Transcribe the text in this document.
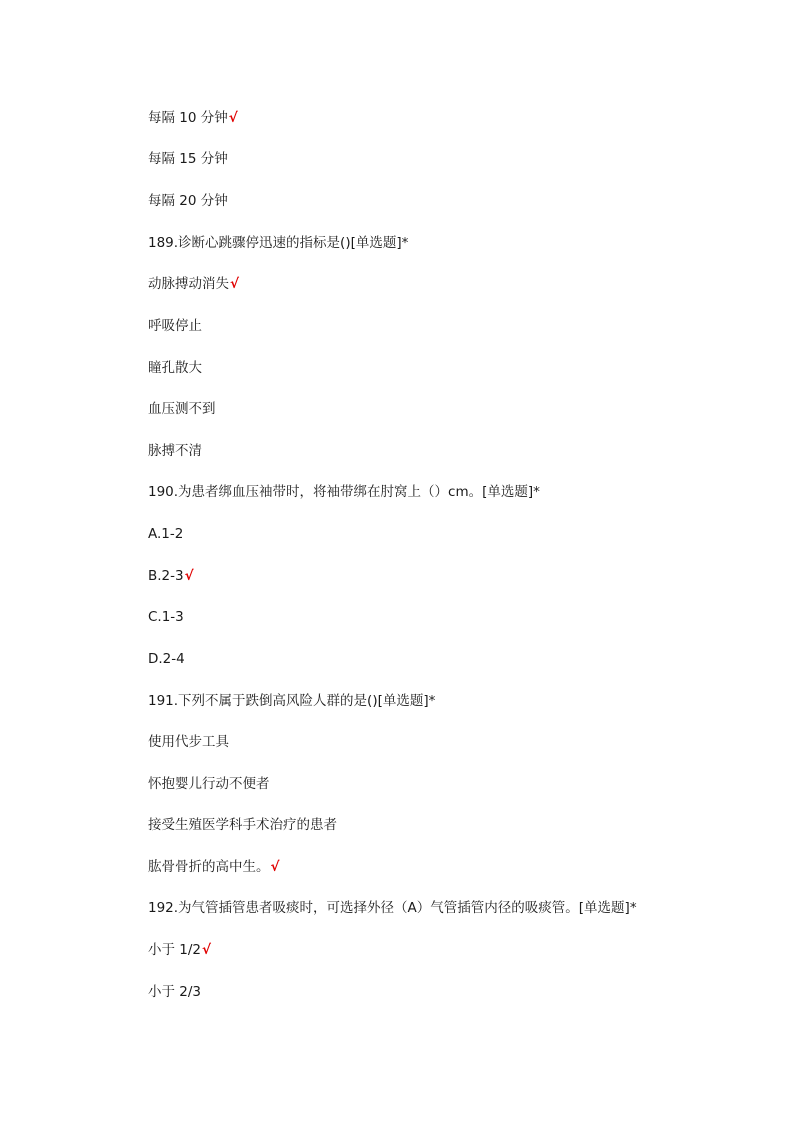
每隔 10 分钟√
每隔 15 分钟
每隔 20 分钟
189.诊断心跳骤停迅速的指标是()[单选题]*
动脉搏动消失√
呼吸停止
瞳孔散大
血压测不到
脉搏不清
190.为患者绑血压袖带时，将袖带绑在肘窝上（）cm。[单选题]*
A.1-2
B.2-3√
C.1-3
D.2-4
191.下列不属于跌倒高风险人群的是()[单选题]*
使用代步工具
怀抱婴儿行动不便者
接受生殖医学科手术治疗的患者
肱骨骨折的高中生。√
192.为气管插管患者吸痰时，可选择外径（A）气管插管内径的吸痰管。[单选题]*
小于 1/2√
小于 2/3
